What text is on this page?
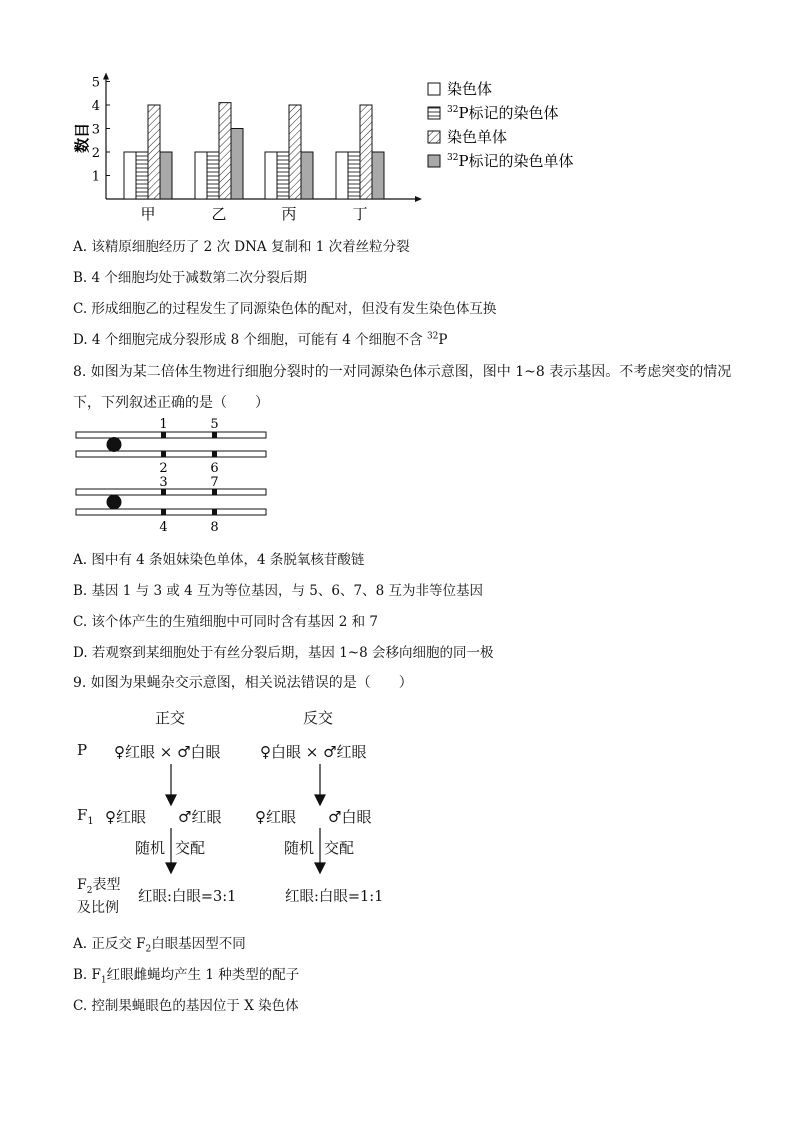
1
2
3
4
5
数目
甲	乙	丙	丁
染色体
$^{32}$P标记的染色体
染色单体
$^{32}$P标记的染色单体
A. 该精原细胞经历了 2 次 DNA 复制和 1 次着丝粒分裂
B. 4 个细胞均处于减数第二次分裂后期
C. 形成细胞乙的过程发生了同源染色体的配对，但没有发生染色体互换
D. 4 个细胞完成分裂形成 8 个细胞，可能有 4 个细胞不含 $^{32}$P
8. 如图为某二倍体生物进行细胞分裂时的一对同源染色体示意图，图中 1~8 表示基因。不考虑突变的情况
下，下列叙述正确的是（　　）
1	5
2	6
3	7
4	8
A. 图中有 4 条姐妹染色单体，4 条脱氧核苷酸链
B. 基因 1 与 3 或 4 互为等位基因，与 5、6、7、8 互为非等位基因
C. 该个体产生的生殖细胞中可同时含有基因 2 和 7
D. 若观察到某细胞处于有丝分裂后期，基因 1~8 会移向细胞的同一极
9. 如图为果蝇杂交示意图，相关说法错误的是（　　）
正交	反交
P ♀红眼 × ♂白眼	♀白眼 × ♂红眼
$F_1$ ♀红眼 ♂红眼 ♀红眼 ♂白眼
随机 交配	随机 交配
$F_2$表型
及比例
红眼:白眼=3:1	红眼:白眼=1:1
A. 正反交 $F_2$白眼基因型不同
B. $F_1$红眼雌蝇均产生 1 种类型的配子
C. 控制果蝇眼色的基因位于 X 染色体
